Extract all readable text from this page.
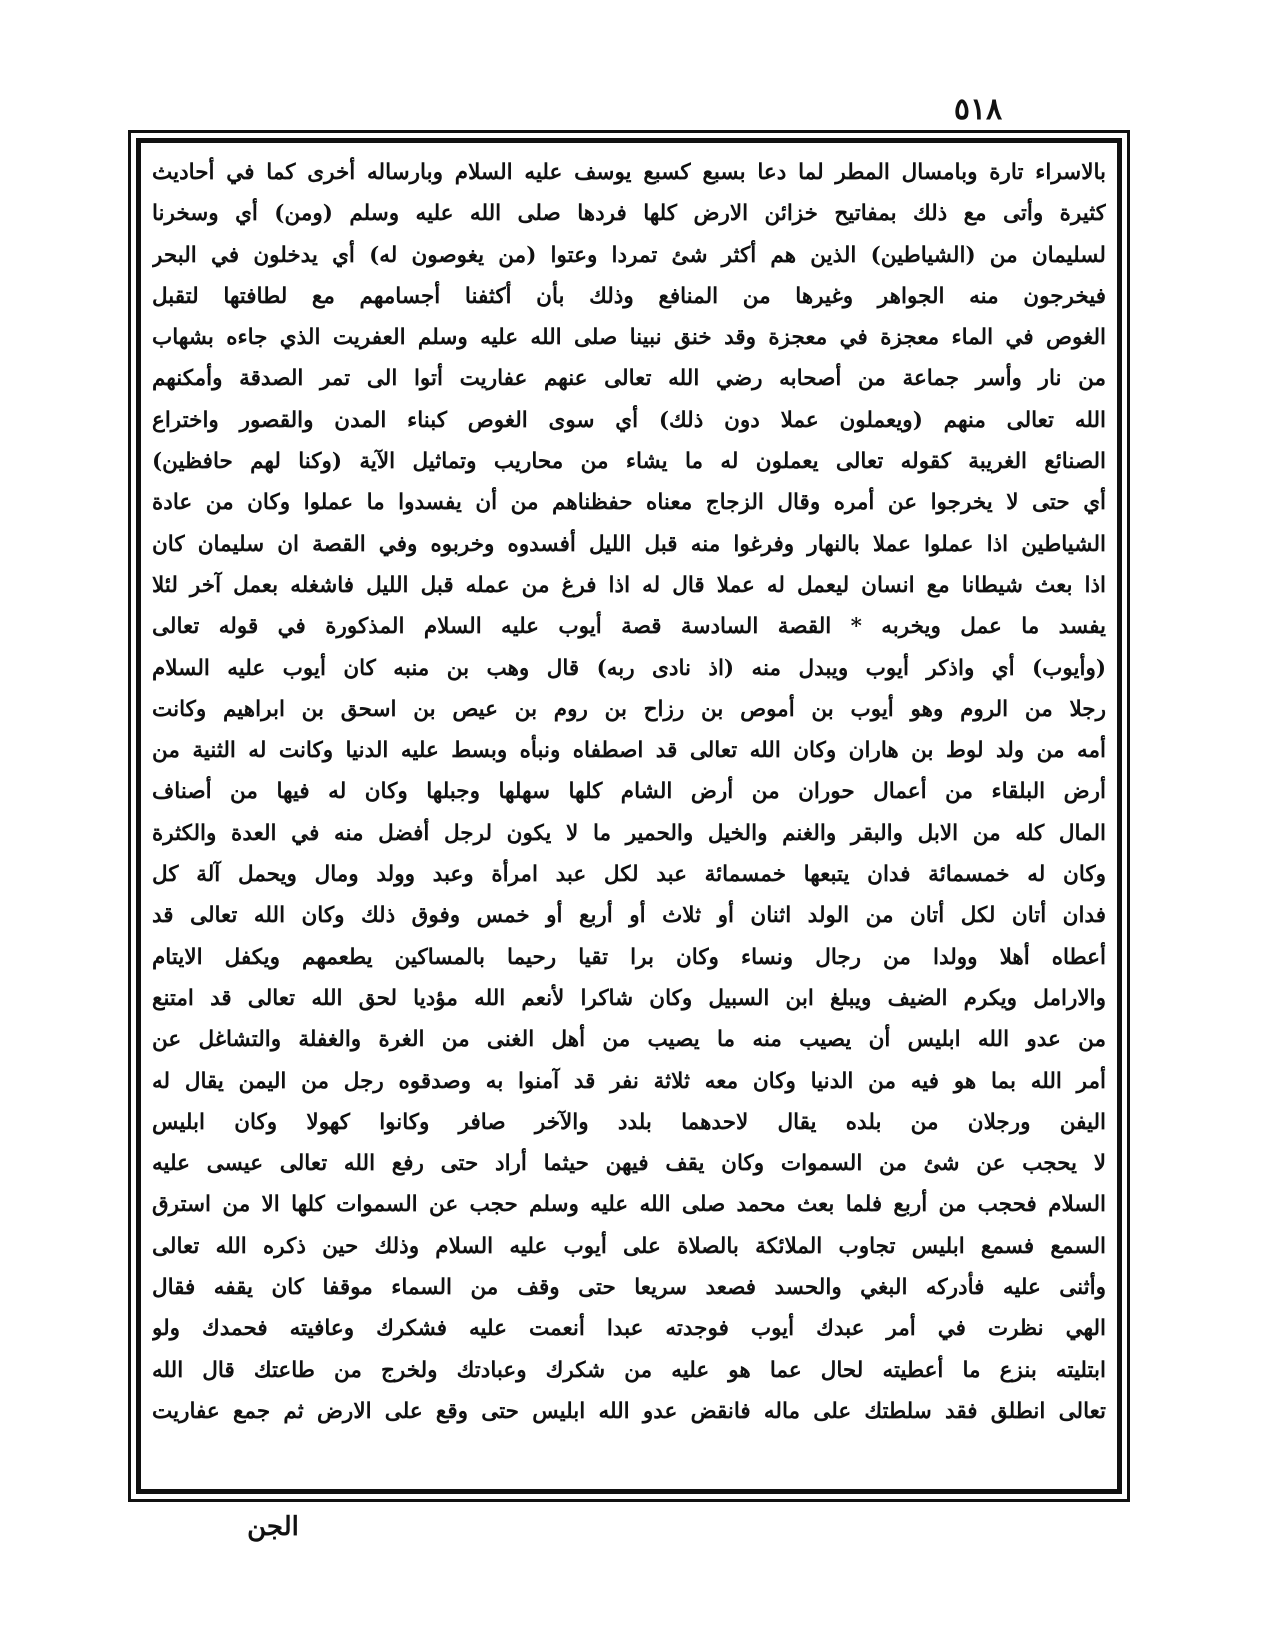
٥١٨
بالاسراء تارة وبامسال المطر لما دعا بسبع كسبع يوسف عليه السلام وبارساله أخرى كما في أحاديث
كثيرة وأتى مع ذلك بمفاتيح خزائن الارض كلها فردها صلى الله عليه وسلم (ومن) أي وسخرنا
لسليمان من (الشياطين) الذين هم أكثر شئ تمردا وعتوا (من يغوصون له) أي يدخلون في البحر
فيخرجون منه الجواهر وغيرها من المنافع وذلك بأن أكثفنا أجسامهم مع لطافتها لتقبل
الغوص في الماء معجزة في معجزة وقد خنق نبينا صلى الله عليه وسلم العفريت الذي جاءه بشهاب
من نار وأسر جماعة من أصحابه رضي الله تعالى عنهم عفاريت أتوا الى تمر الصدقة وأمكنهم
الله تعالى منهم (ويعملون عملا دون ذلك) أي سوى الغوص كبناء المدن والقصور واختراع
الصنائع الغريبة كقوله تعالى يعملون له ما يشاء من محاريب وتماثيل الآية (وكنا لهم حافظين)
أي حتى لا يخرجوا عن أمره وقال الزجاج معناه حفظناهم من أن يفسدوا ما عملوا وكان من عادة
الشياطين اذا عملوا عملا بالنهار وفرغوا منه قبل الليل أفسدوه وخربوه وفي القصة ان سليمان كان
اذا بعث شيطانا مع انسان ليعمل له عملا قال له اذا فرغ من عمله قبل الليل فاشغله بعمل آخر لئلا
يفسد ما عمل ويخربه * القصة السادسة قصة أيوب عليه السلام المذكورة في قوله تعالى
(وأيوب) أي واذكر أيوب ويبدل منه (اذ نادى ربه) قال وهب بن منبه كان أيوب عليه السلام
رجلا من الروم وهو أيوب بن أموص بن رزاح بن روم بن عيص بن اسحق بن ابراهيم وكانت
أمه من ولد لوط بن هاران وكان الله تعالى قد اصطفاه ونبأه وبسط عليه الدنيا وكانت له الثنية من
أرض البلقاء من أعمال حوران من أرض الشام كلها سهلها وجبلها وكان له فيها من أصناف
المال كله من الابل والبقر والغنم والخيل والحمير ما لا يكون لرجل أفضل منه في العدة والكثرة
وكان له خمسمائة فدان يتبعها خمسمائة عبد لكل عبد امرأة وعبد وولد ومال ويحمل آلة كل
فدان أتان لكل أتان من الولد اثنان أو ثلاث أو أربع أو خمس وفوق ذلك وكان الله تعالى قد
أعطاه أهلا وولدا من رجال ونساء وكان برا تقيا رحيما بالمساكين يطعمهم ويكفل الايتام
والارامل ويكرم الضيف ويبلغ ابن السبيل وكان شاكرا لأنعم الله مؤديا لحق الله تعالى قد امتنع
من عدو الله ابليس أن يصيب منه ما يصيب من أهل الغنى من الغرة والغفلة والتشاغل عن
أمر الله بما هو فيه من الدنيا وكان معه ثلاثة نفر قد آمنوا به وصدقوه رجل من اليمن يقال له
اليفن ورجلان من بلده يقال لاحدهما بلدد والآخر صافر وكانوا كهولا وكان ابليس
لا يحجب عن شئ من السموات وكان يقف فيهن حيثما أراد حتى رفع الله تعالى عيسى عليه
السلام فحجب من أربع فلما بعث محمد صلى الله عليه وسلم حجب عن السموات كلها الا من استرق
السمع فسمع ابليس تجاوب الملائكة بالصلاة على أيوب عليه السلام وذلك حين ذكره الله تعالى
وأثنى عليه فأدركه البغي والحسد فصعد سريعا حتى وقف من السماء موقفا كان يقفه فقال
الهي نظرت في أمر عبدك أيوب فوجدته عبدا أنعمت عليه فشكرك وعافيته فحمدك ولو
ابتليته بنزع ما أعطيته لحال عما هو عليه من شكرك وعبادتك ولخرج من طاعتك قال الله
تعالى انطلق فقد سلطتك على ماله فانقض عدو الله ابليس حتى وقع على الارض ثم جمع عفاريت
الجن
